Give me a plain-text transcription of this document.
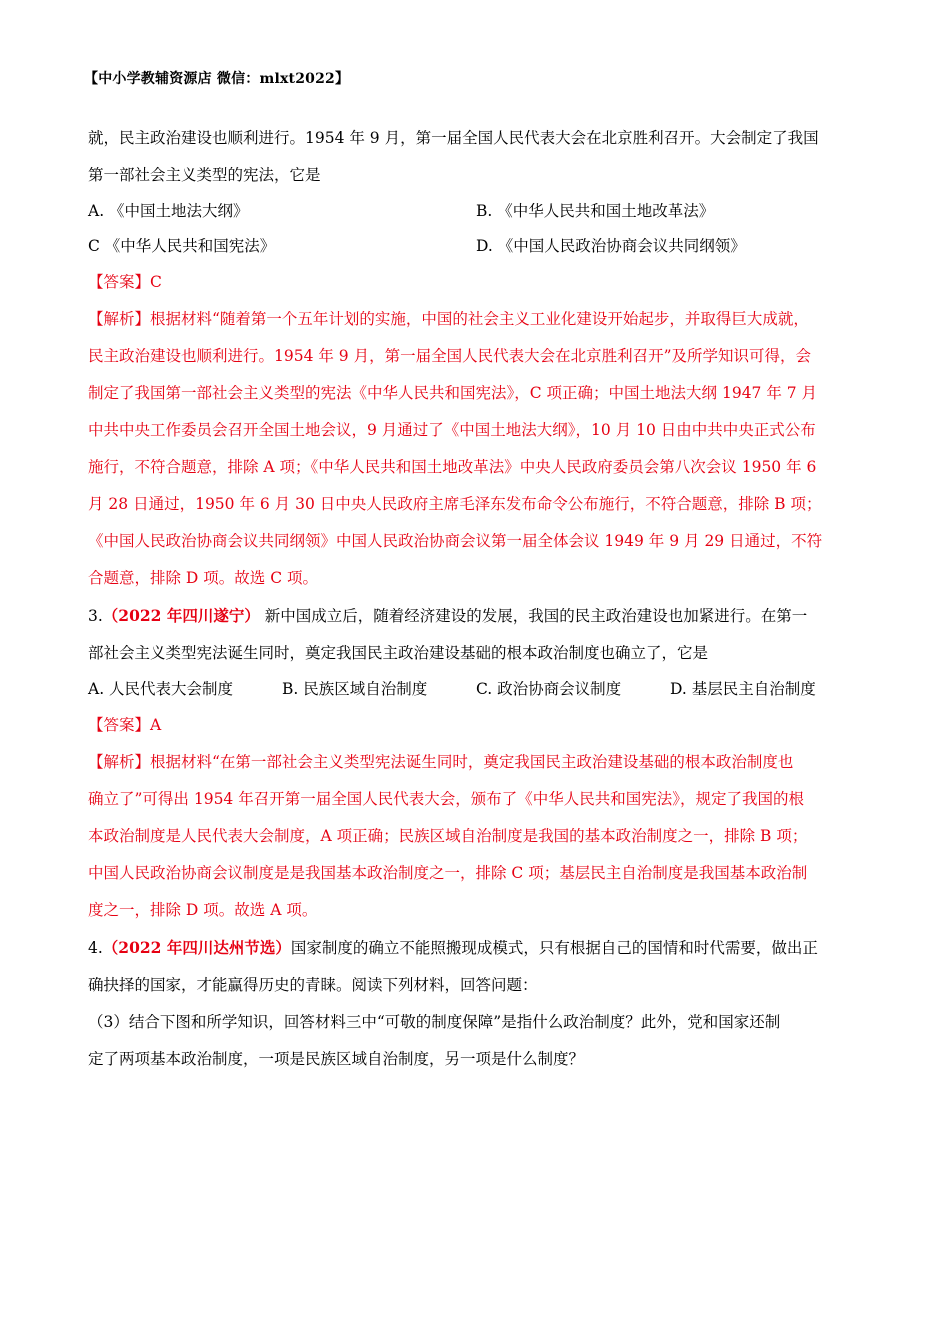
【中小学教辅资源店 微信：mlxt2022】

就，民主政治建设也顺利进行。1954 年 9 月，第一届全国人民代表大会在北京胜利召开。大会制定了我国

第一部社会主义类型的宪法，它是

A. 《中国土地法大纲》	B. 《中华人民共和国土地改革法》
C 《中华人民共和国宪法》	D. 《中国人民政治协商会议共同纲领》

【答案】C

【解析】根据材料“随着第一个五年计划的实施，中国的社会主义工业化建设开始起步，并取得巨大成就，

民主政治建设也顺利进行。1954 年 9 月，第一届全国人民代表大会在北京胜利召开”及所学知识可得，会

制定了我国第一部社会主义类型的宪法《中华人民共和国宪法》，C 项正确；中国土地法大纲 1947 年 7 月

中共中央工作委员会召开全国土地会议，9 月通过了《中国土地法大纲》，10 月 10 日由中共中央正式公布

施行，不符合题意，排除 A 项；《中华人民共和国土地改革法》中央人民政府委员会第八次会议 1950 年 6

月 28 日通过，1950 年 6 月 30 日中央人民政府主席毛泽东发布命令公布施行，不符合题意，排除 B 项；

《中国人民政治协商会议共同纲领》中国人民政治协商会议第一届全体会议 1949 年 9 月 29 日通过，不符

合题意，排除 D 项。故选 C 项。

3.（2022 年四川遂宁） 新中国成立后，随着经济建设的发展，我国的民主政治建设也加紧进行。在第一

部社会主义类型宪法诞生同时，奠定我国民主政治建设基础的根本政治制度也确立了，它是

A. 人民代表大会制度	B. 民族区域自治制度	C. 政治协商会议制度	D. 基层民主自治制度

【答案】A

【解析】根据材料“在第一部社会主义类型宪法诞生同时，奠定我国民主政治建设基础的根本政治制度也

确立了”可得出 1954 年召开第一届全国人民代表大会，颁布了《中华人民共和国宪法》，规定了我国的根

本政治制度是人民代表大会制度，A 项正确；民族区域自治制度是我国的基本政治制度之一，排除 B 项；

中国人民政治协商会议制度是是我国基本政治制度之一，排除 C 项；基层民主自治制度是我国基本政治制

度之一，排除 D 项。故选 A 项。

4.（2022 年四川达州节选）国家制度的确立不能照搬现成模式，只有根据自己的国情和时代需要，做出正

确抉择的国家，才能赢得历史的青睐。阅读下列材料，回答问题：

（3）结合下图和所学知识，回答材料三中“可敬的制度保障”是指什么政治制度？此外，党和国家还制

定了两项基本政治制度，一项是民族区域自治制度，另一项是什么制度？
